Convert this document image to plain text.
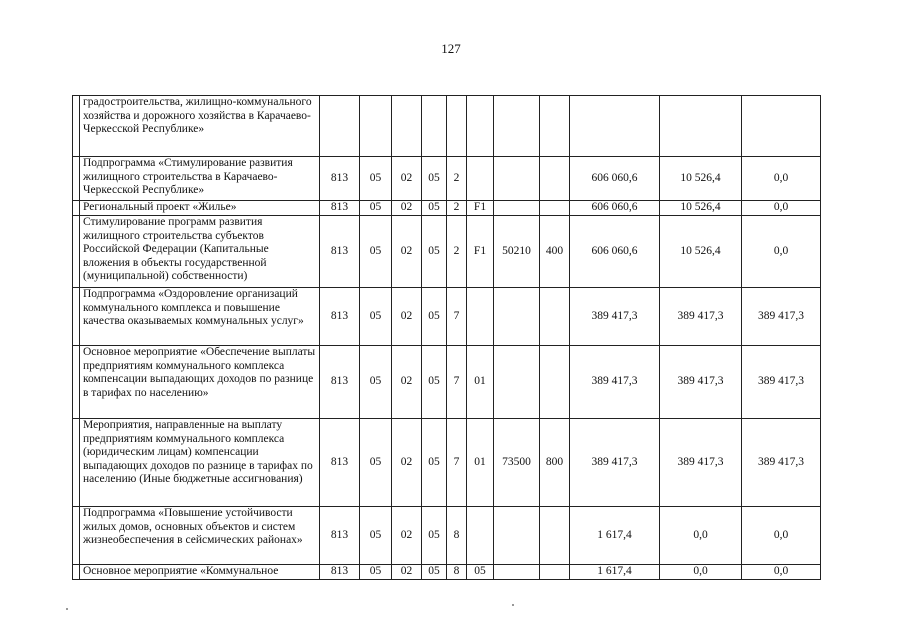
127
	градостроительства, жилищно-коммунального хозяйства и дорожного хозяйства в Карачаево-Черкесской Республике»											
	Подпрограмма «Стимулирование развития жилищного строительства в Карачаево-Черкесской Республике»	813	05	02	05	2				606 060,6	10 526,4	0,0
	Региональный проект «Жилье»	813	05	02	05	2	F1			606 060,6	10 526,4	0,0
	Стимулирование программ развития жилищного строительства субъектов Российской Федерации (Капитальные вложения в объекты государственной (муниципальной) собственности)	813	05	02	05	2	F1	50210	400	606 060,6	10 526,4	0,0
	Подпрограмма «Оздоровление организаций коммунального комплекса и повышение качества оказываемых коммунальных услуг»	813	05	02	05	7				389 417,3	389 417,3	389 417,3
	Основное мероприятие «Обеспечение выплаты предприятиям коммунального комплекса компенсации выпадающих доходов по разнице в тарифах по населению»	813	05	02	05	7	01			389 417,3	389 417,3	389 417,3
	Мероприятия, направленные на выплату предприятиям коммунального комплекса (юридическим лицам) компенсации выпадающих доходов по разнице в тарифах по населению (Иные бюджетные ассигнования)	813	05	02	05	7	01	73500	800	389 417,3	389 417,3	389 417,3
	Подпрограмма «Повышение устойчивости жилых домов, основных объектов и систем жизнеобеспечения в сейсмических районах»	813	05	02	05	8				1 617,4	0,0	0,0
	Основное мероприятие «Коммунальное	813	05	02	05	8	05			1 617,4	0,0	0,0
